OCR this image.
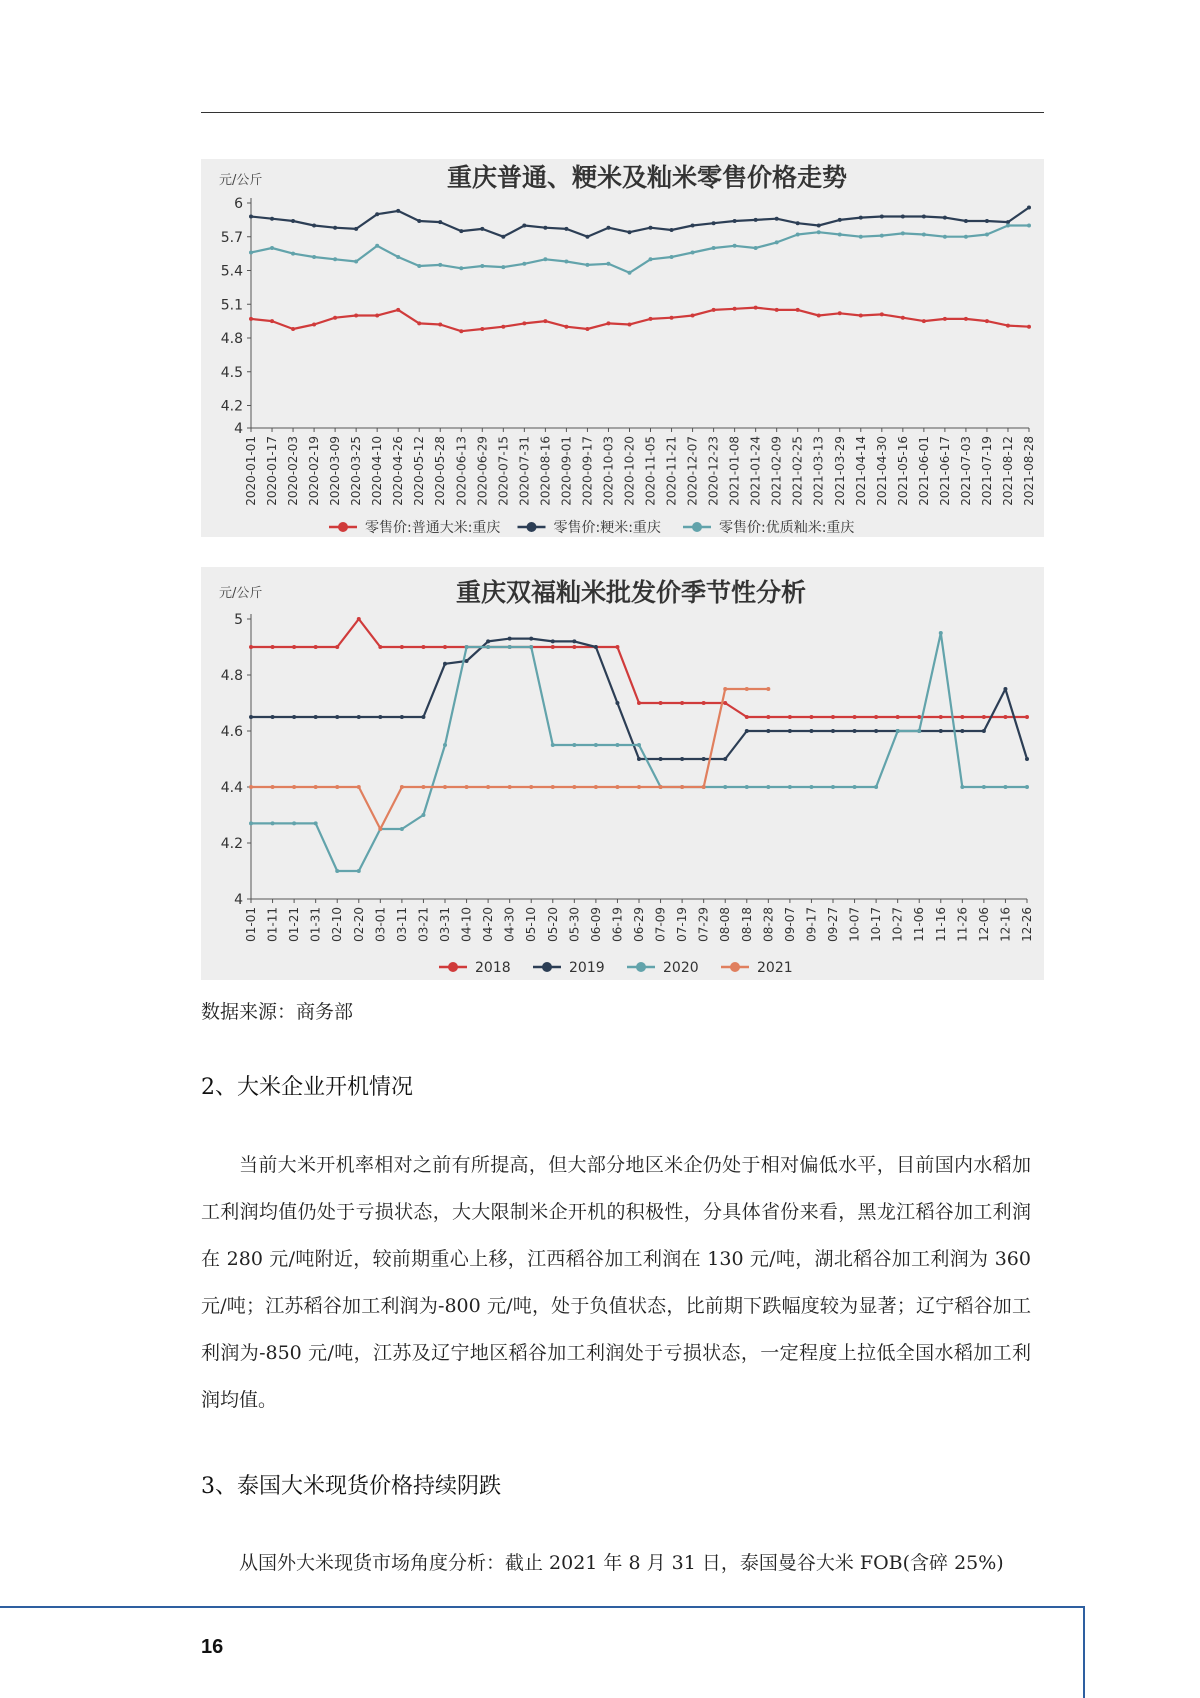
重庆普通、粳米及籼米零售价格走势
元/公斤
4
4.2
4.5
4.8
5.1
5.4
5.7
6
2020-01-01 2020-01-17 2020-02-03 2020-02-19 2020-03-09 2020-03-25 2020-04-10 2020-04-26 2020-05-12 2020-05-28 2020-06-13 2020-06-29 2020-07-15 2020-07-31 2020-08-16 2020-09-01 2020-09-17 2020-10-03 2020-10-20 2020-11-05 2020-11-21 2020-12-07 2020-12-23 2021-01-08 2021-01-24 2021-02-09 2021-02-25 2021-03-13 2021-03-29 2021-04-14 2021-04-30 2021-05-16 2021-06-01 2021-06-17 2021-07-03 2021-07-19 2021-08-12 2021-08-28
零售价:普通大米:重庆	零售价:粳米:重庆	零售价:优质籼米:重庆
重庆双福籼米批发价季节性分析
元/公斤
4
4.2
4.4
4.6
4.8
5
01-01 01-11 01-21 01-31 02-10 02-20 03-01 03-11 03-21 03-31 04-10 04-20 04-30 05-10 05-20 05-30 06-09 06-19 06-29 07-09 07-19 07-29 08-08 08-18 08-28 09-07 09-17 09-27 10-07 10-17 10-27 11-06 11-16 11-26 12-06 12-16 12-26
2018	2019	2020	2021
数据来源：商务部
2、大米企业开机情况
当前大米开机率相对之前有所提高，但大部分地区米企仍处于相对偏低水平，目前国内水稻加工利润均值仍处于亏损状态，大大限制米企开机的积极性，分具体省份来看，黑龙江稻谷加工利润在 280 元/吨附近，较前期重心上移，江西稻谷加工利润在 130 元/吨，湖北稻谷加工利润为 360 元/吨；江苏稻谷加工利润为-800 元/吨，处于负值状态，比前期下跌幅度较为显著；辽宁稻谷加工利润为-850 元/吨，江苏及辽宁地区稻谷加工利润处于亏损状态，一定程度上拉低全国水稻加工利润均值。
3、泰国大米现货价格持续阴跌
从国外大米现货市场角度分析：截止 2021 年 8 月 31 日，泰国曼谷大米 FOB(含碎 25%)
16
